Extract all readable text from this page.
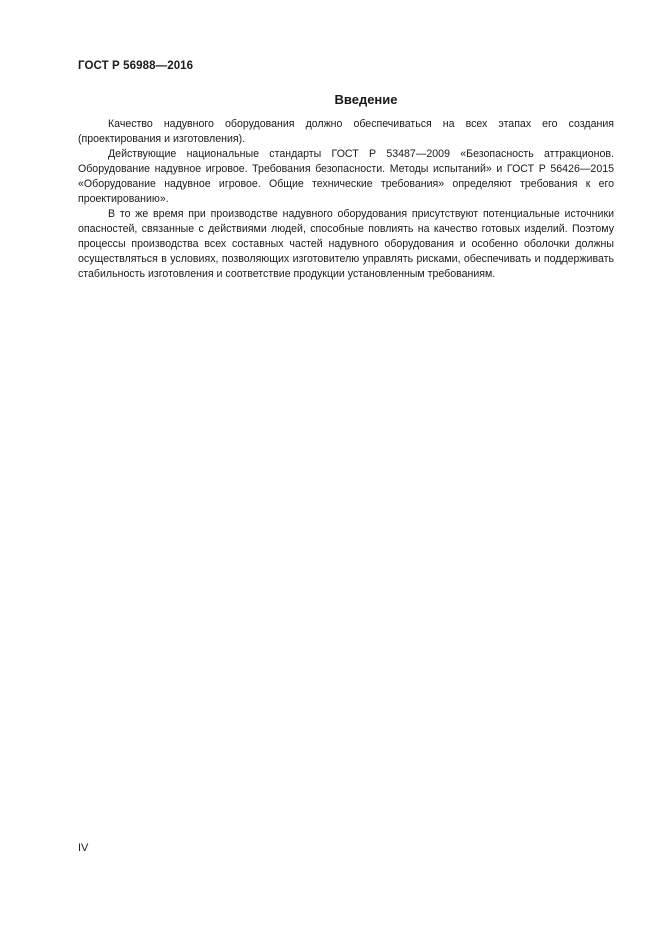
ГОСТ Р 56988—2016
Введение

Качество надувного оборудования должно обеспечиваться на всех этапах его создания (проектирования и изготовления).

Действующие национальные стандарты ГОСТ Р 53487—2009 «Безопасность аттракционов. Оборудование надувное игровое. Требования безопасности. Методы испытаний» и ГОСТ Р 56426—2015 «Оборудование надувное игровое. Общие технические требования» определяют требования к его проектированию».

В то же время при производстве надувного оборудования присутствуют потенциальные источники опасностей, связанные с действиями людей, способные повлиять на качество готовых изделий. Поэтому процессы производства всех составных частей надувного оборудования и особенно оболочки должны осуществляться в условиях, позволяющих изготовителю управлять рисками, обеспечивать и поддерживать стабильность изготовления и соответствие продукции установленным требованиям.

IV
